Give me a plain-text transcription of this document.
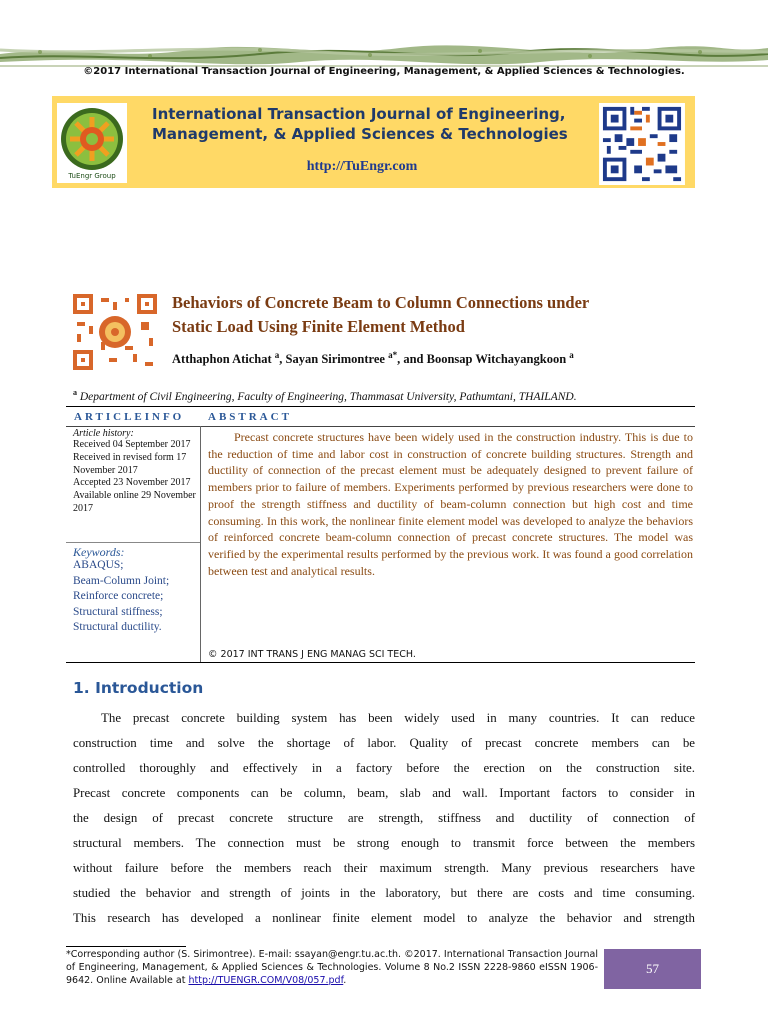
©2017 International Transaction Journal of Engineering, Management, & Applied Sciences & Technologies.
TuEngr Group
International Transaction Journal of Engineering,
Management, & Applied Sciences & Technologies
http://TuEngr.com
Behaviors of Concrete Beam to Column Connections under
Static Load Using Finite Element Method
Atthaphon Atichat $^a$, Sayan Sirimontree $^{a*}$, and Boonsap Witchayangkoon $^a$
$^a$ Department of Civil Engineering, Faculty of Engineering, Thammasat University, Pathumtani, THAILAND.
ARTICLEINFO ABSTRACT
Article history:
Received 04 September 2017
Received in revised form 17 November 2017
Accepted 23 November 2017
Available online 29 November 2017
Keywords:
ABAQUS;
Beam-Column Joint;
Reinforce concrete;
Structural stiffness;
Structural ductility.
Precast concrete structures have been widely used in the construction industry. This is due to the reduction of time and labor cost in construction of concrete building structures. Strength and ductility of connection of the precast element must be adequately designed to prevent failure of members prior to failure of members. Experiments performed by previous researchers were done to proof the strength stiffness and ductility of beam-column connection but high cost and time consuming. In this work, the nonlinear finite element model was developed to analyze the behaviors of reinforced concrete beam-column connection of precast concrete structures. The model was verified by the experimental results performed by the previous work. It was found a good correlation between test and analytical results.
© 2017 INT TRANS J ENG MANAG SCI TECH.
1. Introduction
The precast concrete building system has been widely used in many countries. It can reduce
construction time and solve the shortage of labor. Quality of precast concrete members can be
controlled thoroughly and effectively in a factory before the erection on the construction site.
Precast concrete components can be column, beam, slab and wall. Important factors to consider in
the design of precast concrete structure are strength, stiffness and ductility of connection of
structural members. The connection must be strong enough to transmit force between the members
without failure before the members reach their maximum strength. Many previous researchers have
studied the behavior and strength of joints in the laboratory, but there are costs and time consuming.
This research has developed a nonlinear finite element model to analyze the behavior and strength
*Corresponding author (S. Sirimontree). E-mail: ssayan@engr.tu.ac.th. ©2017. International Transaction Journal of Engineering, Management, & Applied Sciences & Technologies. Volume 8 No.2 ISSN 2228-9860 eISSN 1906-9642. Online Available at http://TUENGR.COM/V08/057.pdf.
57
